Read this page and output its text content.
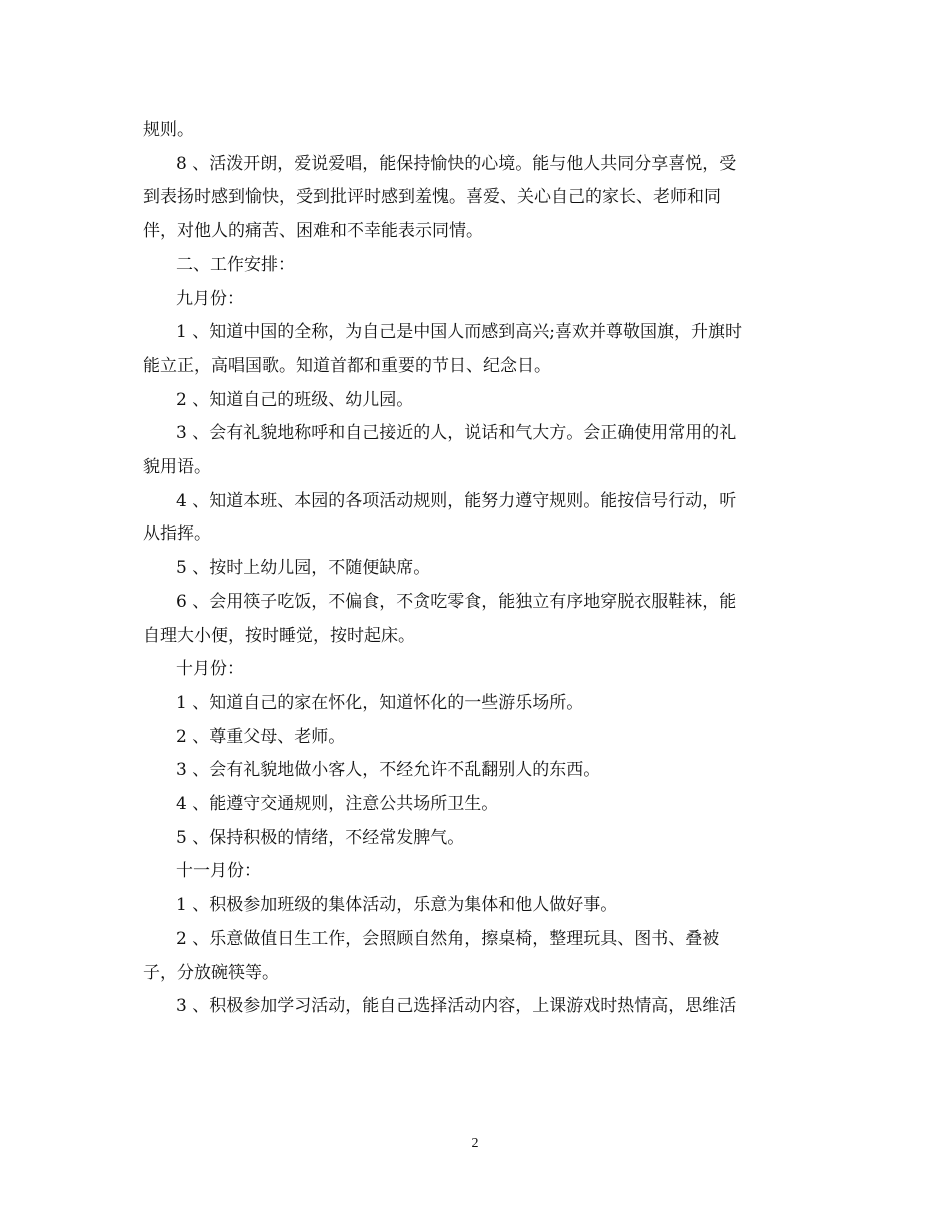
规则。

8 、活泼开朗，爱说爱唱，能保持愉快的心境。能与他人共同分享喜悦，受

到表扬时感到愉快，受到批评时感到羞愧。喜爱、关心自己的家长、老师和同

伴，对他人的痛苦、困难和不幸能表示同情。

二、工作安排：

九月份：

1 、知道中国的全称，为自己是中国人而感到高兴;喜欢并尊敬国旗，升旗时

能立正，高唱国歌。知道首都和重要的节日、纪念日。

2 、知道自己的班级、幼儿园。

3 、会有礼貌地称呼和自己接近的人，说话和气大方。会正确使用常用的礼

貌用语。

4 、知道本班、本园的各项活动规则，能努力遵守规则。能按信号行动，听

从指挥。

5 、按时上幼儿园，不随便缺席。

6 、会用筷子吃饭，不偏食，不贪吃零食，能独立有序地穿脱衣服鞋袜，能

自理大小便，按时睡觉，按时起床。

十月份：

1 、知道自己的家在怀化，知道怀化的一些游乐场所。

2 、尊重父母、老师。

3 、会有礼貌地做小客人，不经允许不乱翻别人的东西。

4 、能遵守交通规则，注意公共场所卫生。

5 、保持积极的情绪，不经常发脾气。

十一月份：

1 、积极参加班级的集体活动，乐意为集体和他人做好事。

2 、乐意做值日生工作，会照顾自然角，擦桌椅，整理玩具、图书、叠被

子，分放碗筷等。

3 、积极参加学习活动，能自己选择活动内容，上课游戏时热情高，思维活

2
